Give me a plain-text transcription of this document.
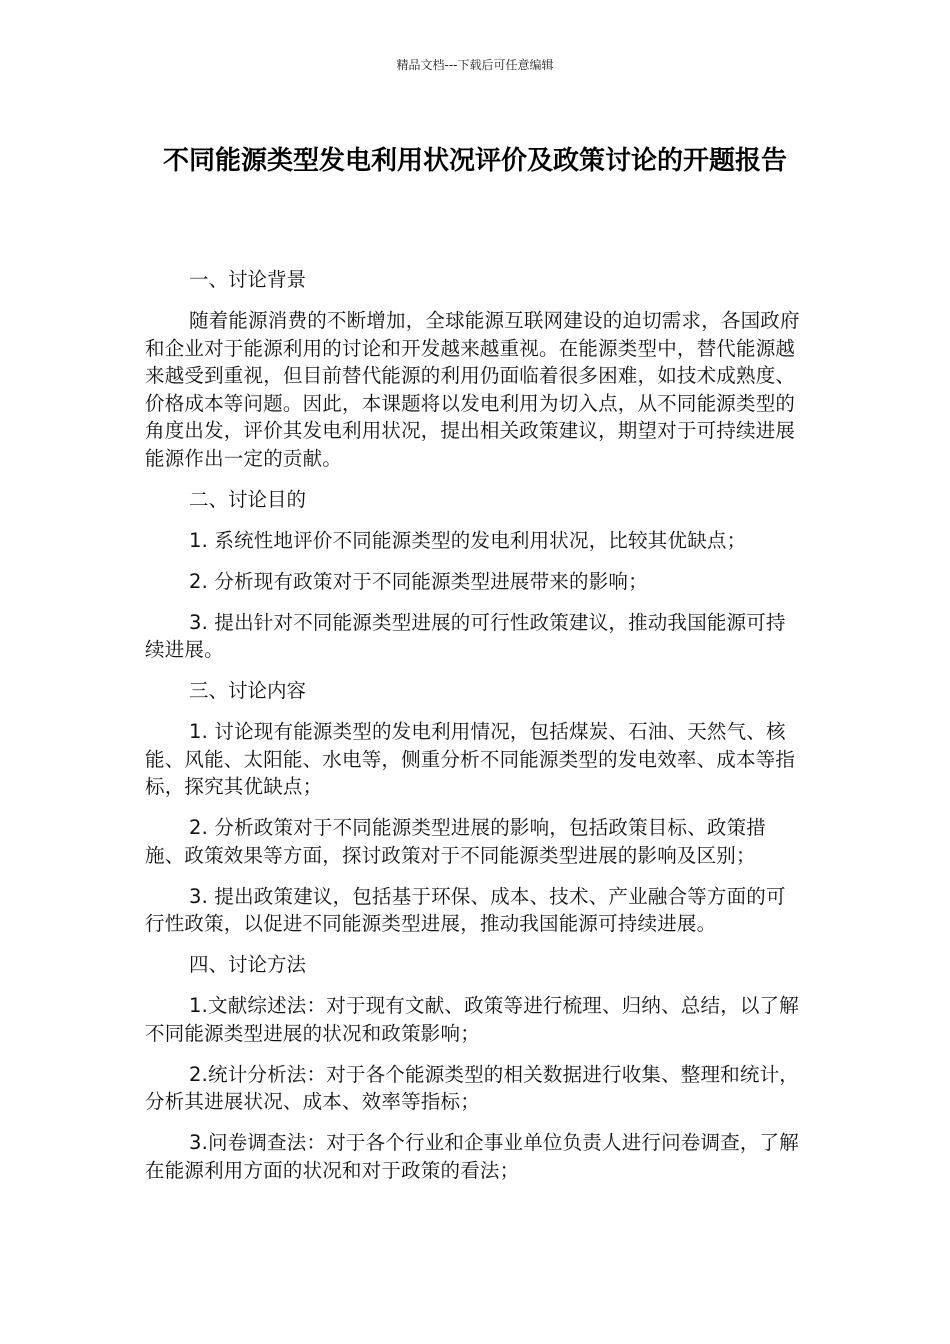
精品文档---下载后可任意编辑
不同能源类型发电利用状况评价及政策讨论的开题报告

一、讨论背景

随着能源消费的不断增加，全球能源互联网建设的迫切需求，各国政府和企业对于能源利用的讨论和开发越来越重视。在能源类型中，替代能源越来越受到重视，但目前替代能源的利用仍面临着很多困难，如技术成熟度、价格成本等问题。因此，本课题将以发电利用为切入点，从不同能源类型的角度出发，评价其发电利用状况，提出相关政策建议，期望对于可持续进展能源作出一定的贡献。

二、讨论目的

1. 系统性地评价不同能源类型的发电利用状况，比较其优缺点；

2. 分析现有政策对于不同能源类型进展带来的影响；

3. 提出针对不同能源类型进展的可行性政策建议，推动我国能源可持续进展。

三、讨论内容

1. 讨论现有能源类型的发电利用情况，包括煤炭、石油、天然气、核能、风能、太阳能、水电等，侧重分析不同能源类型的发电效率、成本等指标，探究其优缺点；

2. 分析政策对于不同能源类型进展的影响，包括政策目标、政策措施、政策效果等方面，探讨政策对于不同能源类型进展的影响及区别；

3. 提出政策建议，包括基于环保、成本、技术、产业融合等方面的可行性政策，以促进不同能源类型进展，推动我国能源可持续进展。

四、讨论方法

1.文献综述法：对于现有文献、政策等进行梳理、归纳、总结，以了解不同能源类型进展的状况和政策影响；

2.统计分析法：对于各个能源类型的相关数据进行收集、整理和统计，分析其进展状况、成本、效率等指标；

3.问卷调查法：对于各个行业和企事业单位负责人进行问卷调查，了解在能源利用方面的状况和对于政策的看法；
